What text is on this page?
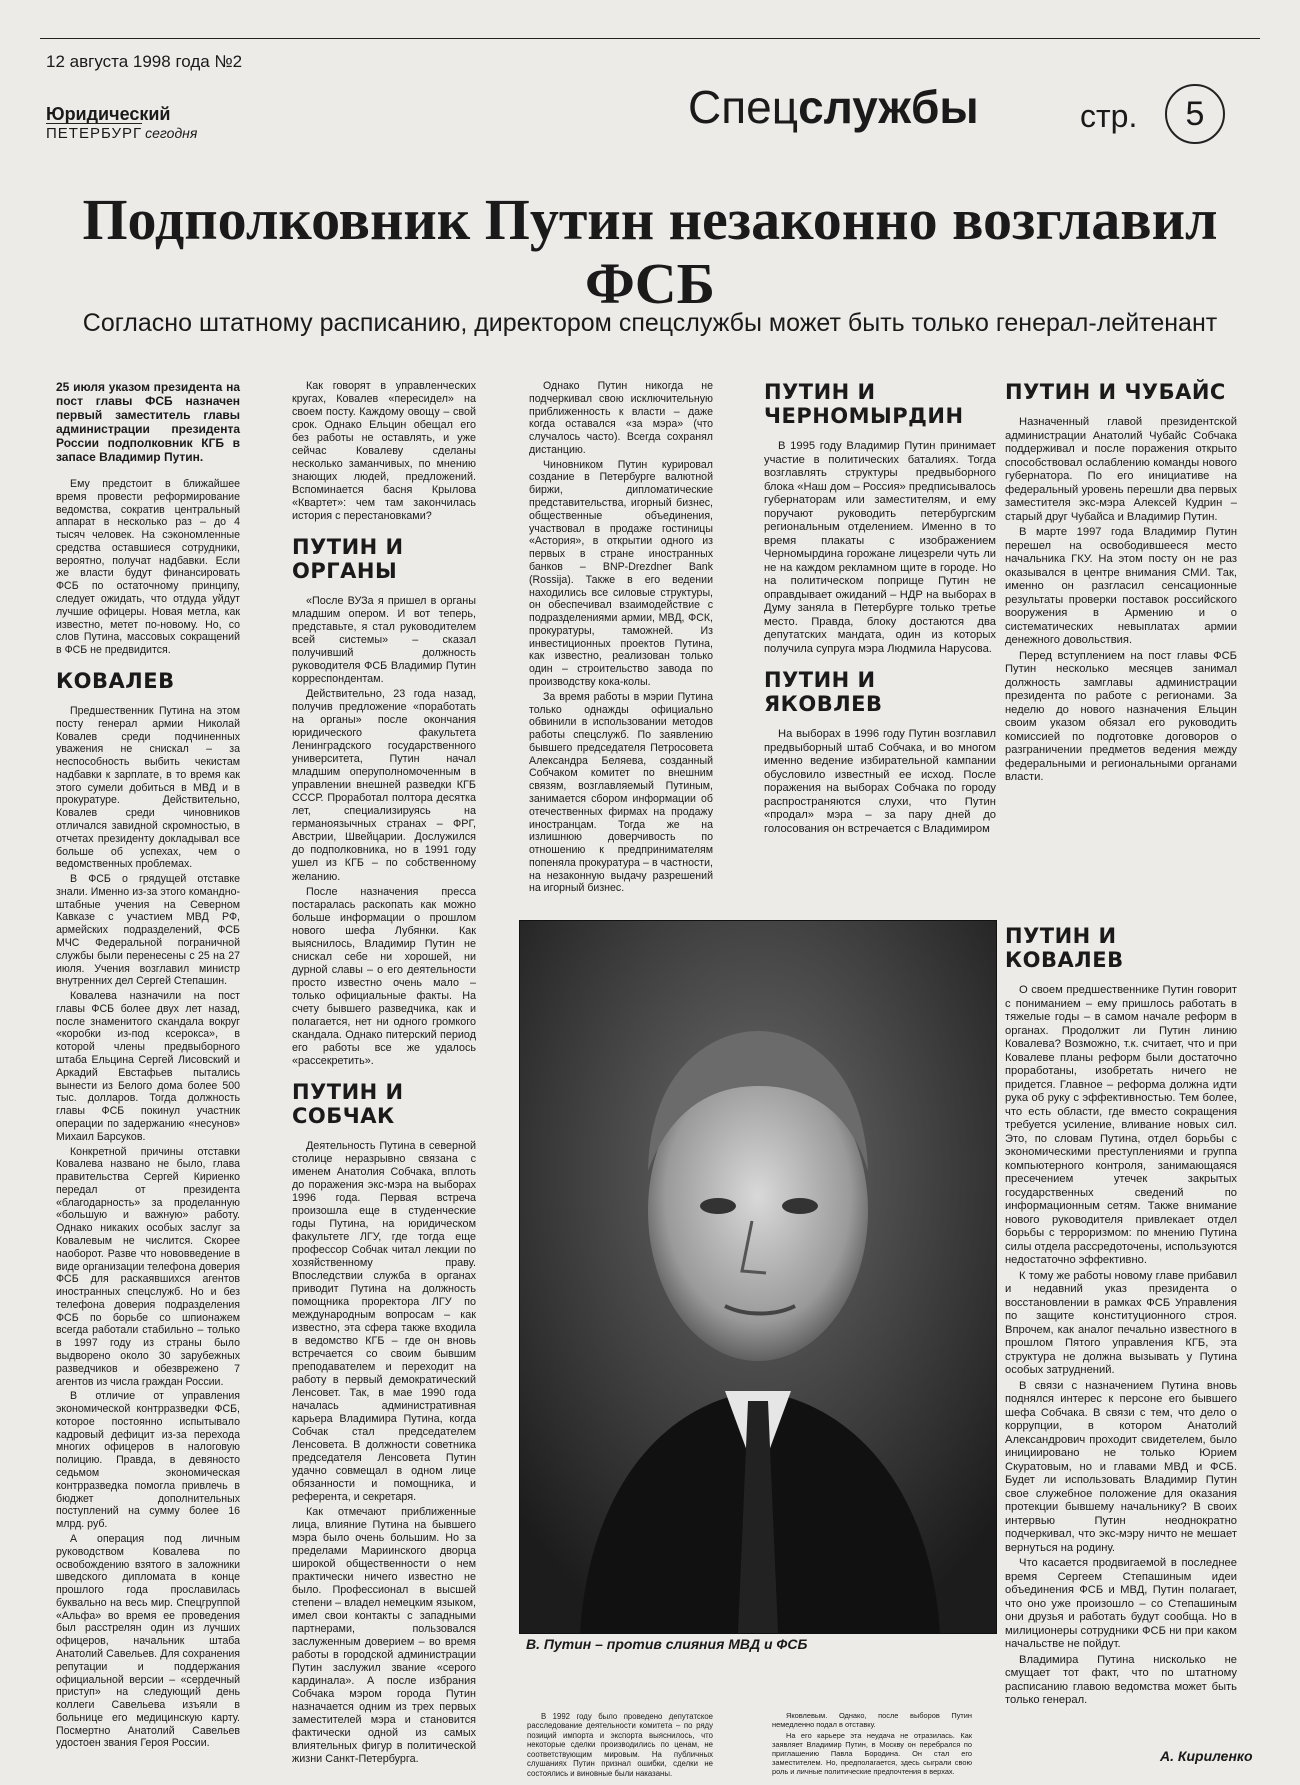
12 августа 1998 года №2
Юридический
ПЕТЕРБУРГ сегодня	Спецслужбы	стр.	5
Подполковник Путин незаконно возглавил ФСБ
Согласно штатному расписанию, директором спецслужбы может быть только генерал-лейтенант

25 июля указом президента на пост главы ФСБ назначен первый заместитель главы администрации президента России подполковник КГБ в запасе Владимир Путин.

Ему предстоит в ближайшее время провести реформирование ведомства, сократив центральный аппарат в несколько раз – до 4 тысяч человек. На сэкономленные средства оставшиеся сотрудники, вероятно, получат надбавки. Если же власти будут финансировать ФСБ по остаточному принципу, следует ожидать, что отдуда уйдут лучшие офицеры. Новая метла, как известно, метет по-новому. Но, со слов Путина, массовых сокращений в ФСБ не предвидится.

КОВАЛЕВ

Предшественник Путина на этом посту генерал армии Николай Ковалев среди подчиненных уважения не снискал – за неспособность выбить чекистам надбавки к зарплате, в то время как этого сумели добиться в МВД и в прокуратуре. Действительно, Ковалев среди чиновников отличался завидной скромностью, в отчетах президенту докладывал все больше об успехах, чем о ведомственных проблемах.

В ФСБ о грядущей отставке знали. Именно из-за этого командно-штабные учения на Северном Кавказе с участием МВД РФ, армейских подразделений, ФСБ МЧС Федеральной пограничной службы были перенесены с 25 на 27 июля. Учения возглавил министр внутренних дел Сергей Степашин.

Ковалева назначили на пост главы ФСБ более двух лет назад, после знаменитого скандала вокруг «коробки из-под ксерокса», в которой члены предвыборного штаба Ельцина Сергей Лисовский и Аркадий Евстафьев пытались вынести из Белого дома более 500 тыс. долларов. Тогда должность главы ФСБ покинул участник операции по задержанию «несунов» Михаил Барсуков.

Конкретной причины отставки Ковалева названо не было, глава правительства Сергей Кириенко передал от президента «благодарность» за проделанную «большую и важную» работу. Однако никаких особых заслуг за Ковалевым не числится. Скорее наоборот. Разве что нововведение в виде организации телефона доверия ФСБ для раскаявшихся агентов иностранных спецслужб. Но и без телефона доверия подразделения ФСБ по борьбе со шпионажем всегда работали стабильно – только в 1997 году из страны было выдворено около 30 зарубежных разведчиков и обезврежено 7 агентов из числа граждан России.

В отличие от управления экономической контрразведки ФСБ, которое постоянно испытывало кадровый дефицит из-за перехода многих офицеров в налоговую полицию. Правда, в девяносто седьмом экономическая контрразведка помогла привлечь в бюджет дополнительных поступлений на сумму более 16 млрд. руб.

А операция под личным руководством Ковалева по освобождению взятого в заложники шведского дипломата в конце прошлого года прославилась буквально на весь мир. Спецгруппой «Альфа» во время ее проведения был расстрелян один из лучших офицеров, начальник штаба Анатолий Савельев. Для сохранения репутации и поддержания официальной версии – «сердечный приступ» на следующий день коллеги Савельева изъяли в больнице его медицинскую карту. Посмертно Анатолий Савельев удостоен звания Героя России.

Как говорят в управленческих кругах, Ковалев «пересидел» на своем посту. Каждому овощу – свой срок. Однако Ельцин обещал его без работы не оставлять, и уже сейчас Ковалеву сделаны несколько заманчивых, по мнению знающих людей, предложений. Вспоминается басня Крылова «Квартет»: чем там закончилась история с перестановками?

ПУТИН И ОРГАНЫ

«После ВУЗа я пришел в органы младшим опером. И вот теперь, представьте, я стал руководителем всей системы» – сказал получивший должность руководителя ФСБ Владимир Путин корреспондентам.

Действительно, 23 года назад, получив предложение «поработать на органы» после окончания юридического факультета Ленинградского государственного университета, Путин начал младшим оперуполномоченным в управлении внешней разведки КГБ СССР. Проработал полтора десятка лет, специализируясь на германоязычных странах – ФРГ, Австрии, Швейцарии. Дослужился до подполковника, но в 1991 году ушел из КГБ – по собственному желанию.

После назначения пресса постаралась раскопать как можно больше информации о прошлом нового шефа Лубянки. Как выяснилось, Владимир Путин не снискал себе ни хорошей, ни дурной славы – о его деятельности просто известно очень мало – только официальные факты. На счету бывшего разведчика, как и полагается, нет ни одного громкого скандала. Однако питерский период его работы все же удалось «рассекретить».

ПУТИН И СОБЧАК

Деятельность Путина в северной столице неразрывно связана с именем Анатолия Собчака, вплоть до поражения экс-мэра на выборах 1996 года. Первая встреча произошла еще в студенческие годы Путина, на юридическом факультете ЛГУ, где тогда еще профессор Собчак читал лекции по хозяйственному праву. Впоследствии служба в органах приводит Путина на должность помощника проректора ЛГУ по международным вопросам – как известно, эта сфера также входила в ведомство КГБ – где он вновь встречается со своим бывшим преподавателем и переходит на работу в первый демократический Ленсовет. Так, в мае 1990 года началась административная карьера Владимира Путина, когда Собчак стал председателем Ленсовета. В должности советника председателя Ленсовета Путин удачно совмещал в одном лице обязанности и помощника, и референта, и секретаря.

Как отмечают приближенные лица, влияние Путина на бывшего мэра было очень большим. Но за пределами Мариинского дворца широкой общественности о нем практически ничего известно не было. Профессионал в высшей степени – владел немецким языком, имел свои контакты с западными партнерами, пользовался заслуженным доверием – во время работы в городской администрации Путин заслужил звание «серого кардинала». А после избрания Собчака мэром города Путин назначается одним из трех первых заместителей мэра и становится фактически одной из самых влиятельных фигур в политической жизни Санкт-Петербурга.

Однако Путин никогда не подчеркивал свою исключительную приближенность к власти – даже когда оставался «за мэра» (что случалось часто). Всегда сохранял дистанцию.

Чиновником Путин курировал создание в Петербурге валютной биржи, дипломатические представительства, игорный бизнес, общественные объединения, участвовал в продаже гостиницы «Астория», в открытии одного из первых в стране иностранных банков – BNP-Drezdner Bank (Rossija). Также в его ведении находились все силовые структуры, он обеспечивал взаимодействие с подразделениями армии, МВД, ФСК, прокуратуры, таможней. Из инвестиционных проектов Путина, как известно, реализован только один – строительство завода по производству кока-колы.

За время работы в мэрии Путина только однажды официально обвинили в использовании методов работы спецслужб. По заявлению бывшего председателя Петросовета Александра Беляева, созданный Собчаком комитет по внешним связям, возглавляемый Путиным, занимается сбором информации об отечественных фирмах на продажу иностранцам. Тогда же на излишнюю доверчивость по отношению к предпринимателям попеняла прокуратура – в частности, на незаконную выдачу разрешений на игорный бизнес.

ПУТИН И ЧЕРНОМЫРДИН

В 1995 году Владимир Путин принимает участие в политических баталиях. Тогда возглавлять структуры предвыборного блока «Наш дом – Россия» предписывалось губернаторам или заместителям, и ему поручают руководить петербургским региональным отделением. Именно в то время плакаты с изображением Черномырдина горожане лицезрели чуть ли не на каждом рекламном щите в городе. Но на политическом поприще Путин не оправдывает ожиданий – НДР на выборах в Думу заняла в Петербурге только третье место. Правда, блоку достаются два депутатских мандата, один из которых получила супруга мэра Людмила Нарусова.

ПУТИН И ЯКОВЛЕВ

На выборах в 1996 году Путин возглавил предвыборный штаб Собчака, и во многом именно ведение избирательной кампании обусловило известный ее исход. После поражения на выборах Собчака по городу распространяются слухи, что Путин «продал» мэра – за пару дней до голосования он встречается с Владимиром

ПУТИН И ЧУБАЙС

Назначенный главой президентской администрации Анатолий Чубайс Собчака поддерживал и после поражения открыто способствовал ослаблению команды нового губернатора. По его инициативе на федеральный уровень перешли два первых заместителя экс-мэра Алексей Кудрин – старый друг Чубайса и Владимир Путин.

В марте 1997 года Владимир Путин перешел на освободившееся место начальника ГКУ. На этом посту он не раз оказывался в центре внимания СМИ. Так, именно он разгласил сенсационные результаты проверки поставок российского вооружения в Армению и о систематических невыплатах армии денежного довольствия.

Перед вступлением на пост главы ФСБ Путин несколько месяцев занимал должность замглавы администрации президента по работе с регионами. За неделю до нового назначения Ельцин своим указом обязал его руководить комиссией по подготовке договоров о разграничении предметов ведения между федеральными и региональными органами власти.

ПУТИН И КОВАЛЕВ

О своем предшественнике Путин говорит с пониманием – ему пришлось работать в тяжелые годы – в самом начале реформ в органах. Продолжит ли Путин линию Ковалева? Возможно, т.к. считает, что и при Ковалеве планы реформ были достаточно проработаны, изобретать ничего не придется. Главное – реформа должна идти рука об руку с эффективностью. Тем более, что есть области, где вместо сокращения требуется усиление, вливание новых сил. Это, по словам Путина, отдел борьбы с экономическими преступлениями и группа компьютерного контроля, занимающаяся пресечением утечек закрытых государственных сведений по информационным сетям. Также внимание нового руководителя привлекает отдел борьбы с терроризмом: по мнению Путина силы отдела рассредоточены, используются недостаточно эффективно.

К тому же работы новому главе прибавил и недавний указ президента о восстановлении в рамках ФСБ Управления по защите конституционного строя. Впрочем, как аналог печально известного в прошлом Пятого управления КГБ, эта структура не должна вызывать у Путина особых затруднений.

В связи с назначением Путина вновь поднялся интерес к персоне его бывшего шефа Собчака. В связи с тем, что дело о коррупции, в котором Анатолий Александрович проходит свидетелем, было инициировано не только Юрием Скуратовым, но и главами МВД и ФСБ. Будет ли использовать Владимир Путин свое служебное положение для оказания протекции бывшему начальнику? В своих интервью Путин неоднократно подчеркивал, что экс-мэру ничто не мешает вернуться на родину.

Что касается продвигаемой в последнее время Сергеем Степашиным идеи объединения ФСБ и МВД, Путин полагает, что оно уже произошло – со Степашиным они друзья и работать будут сообща. Но в милиционеры сотрудники ФСБ ни при каком начальстве не пойдут.

Владимира Путина нисколько не смущает тот факт, что по штатному расписанию главою ведомства может быть только генерал.

В. Путин – против слияния МВД и ФСБ

В 1992 году было проведено депутатское расследование деятельности комитета – по ряду позиций импорта и экспорта выяснилось, что некоторые сделки производились по ценам, не соответствующим мировым. На публичных слушаниях Путин признал ошибки, сделки не состоялись и виновные были наказаны.

Яковлевым. Однако, после выборов Путин немедленно подал в отставку.

На его карьере эта неудача не отразилась. Как заявляет Владимир Путин, в Москву он перебрался по приглашению Павла Бородина. Он стал его заместителем. Но, предполагается, здесь сыграли свою роль и личные политические предпочтения в верхах.

А. Кириленко
